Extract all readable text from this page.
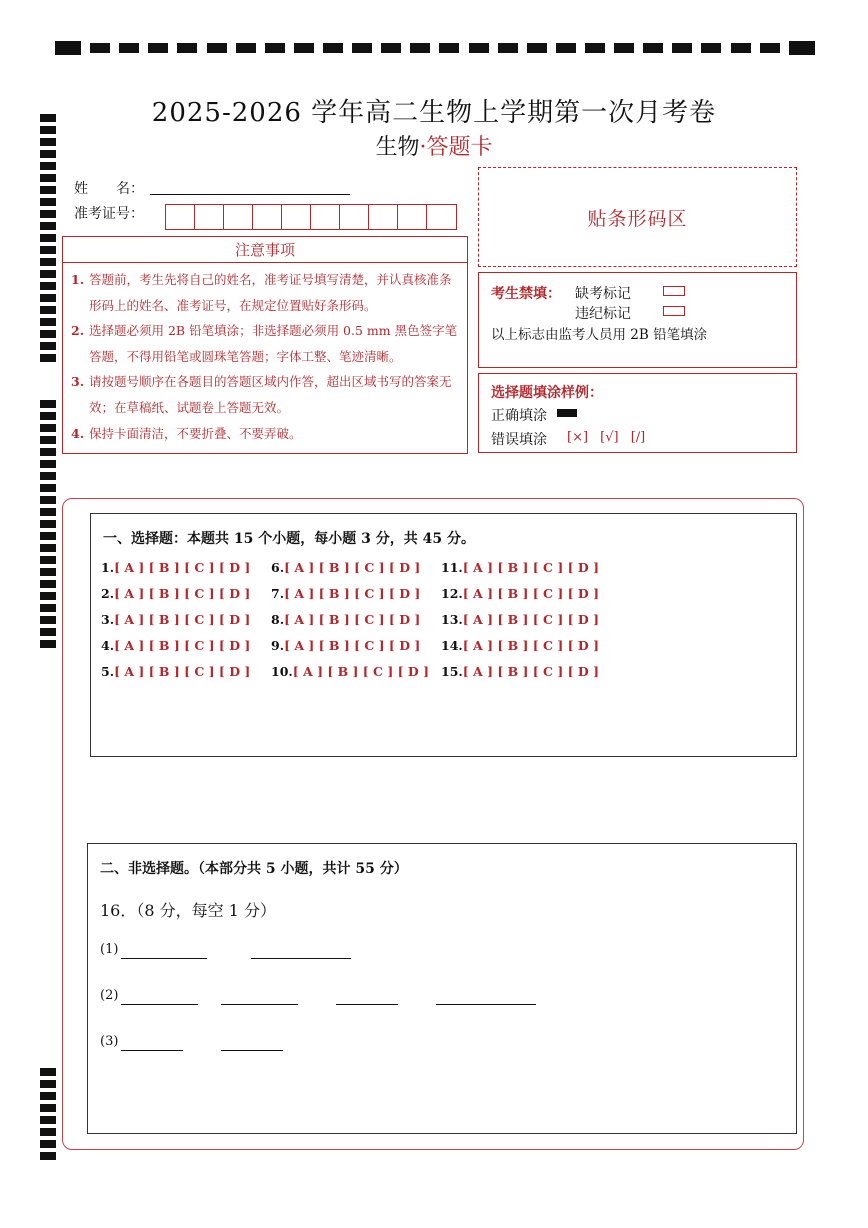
2025-2026 学年高二生物上学期第一次月考卷
生物·答题卡
姓　　名：
准考证号：
注意事项
1. 答题前，考生先将自己的姓名，准考证号填写清楚，并认真核准条形码上的姓名、准考证号，在规定位置贴好条形码。
2. 选择题必须用 2B 铅笔填涂；非选择题必须用 0.5 mm 黑色签字笔答题，不得用铅笔或圆珠笔答题；字体工整、笔迹清晰。
3. 请按题号顺序在各题目的答题区域内作答，超出区域书写的答案无效；在草稿纸、试题卷上答题无效。
4. 保持卡面清洁，不要折叠、不要弄破。
贴条形码区
考生禁填： 缺考标记
违纪标记
以上标志由监考人员用 2B 铅笔填涂
选择题填涂样例：
正确填涂
错误填涂 [×] [√] [/]
一、选择题：本题共 15 个小题，每小题 3 分，共 45 分。
1.[ A ] [ B ] [ C ] [ D ]
2.[ A ] [ B ] [ C ] [ D ]
3.[ A ] [ B ] [ C ] [ D ]
4.[ A ] [ B ] [ C ] [ D ]
5.[ A ] [ B ] [ C ] [ D ]
6.[ A ] [ B ] [ C ] [ D ]
7.[ A ] [ B ] [ C ] [ D ]
8.[ A ] [ B ] [ C ] [ D ]
9.[ A ] [ B ] [ C ] [ D ]
10.[ A ] [ B ] [ C ] [ D ]
11.[ A ] [ B ] [ C ] [ D ]
12.[ A ] [ B ] [ C ] [ D ]
13.[ A ] [ B ] [ C ] [ D ]
14.[ A ] [ B ] [ C ] [ D ]
15.[ A ] [ B ] [ C ] [ D ]
二、非选择题。（本部分共 5 小题，共计 55 分）
16．（8 分，每空 1 分）
(1)
(2)
(3)
